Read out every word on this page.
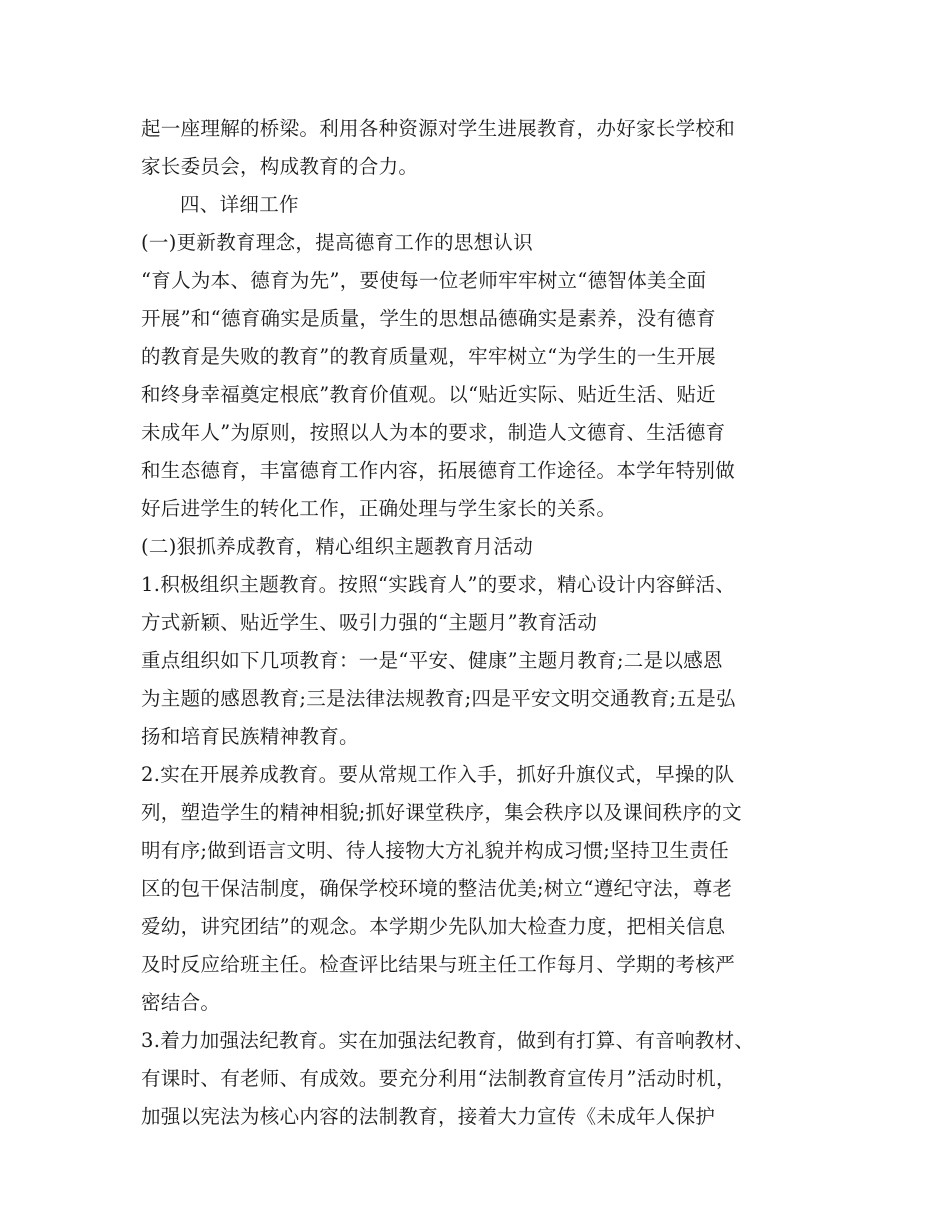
起一座理解的桥梁。利用各种资源对学生进展教育，办好家长学校和
家长委员会，构成教育的合力。
四、详细工作
(一)更新教育理念，提高德育工作的思想认识
“育人为本、德育为先”，要使每一位老师牢牢树立“德智体美全面
开展”和“德育确实是质量，学生的思想品德确实是素养，没有德育
的教育是失败的教育”的教育质量观，牢牢树立“为学生的一生开展
和终身幸福奠定根底”教育价值观。以“贴近实际、贴近生活、贴近
未成年人”为原则，按照以人为本的要求，制造人文德育、生活德育
和生态德育，丰富德育工作内容，拓展德育工作途径。本学年特别做
好后进学生的转化工作，正确处理与学生家长的关系。
(二)狠抓养成教育，精心组织主题教育月活动
1.积极组织主题教育。按照“实践育人”的要求，精心设计内容鲜活、
方式新颖、贴近学生、吸引力强的“主题月”教育活动
重点组织如下几项教育：一是“平安、健康”主题月教育;二是以感恩
为主题的感恩教育;三是法律法规教育;四是平安文明交通教育;五是弘
扬和培育民族精神教育。
2.实在开展养成教育。要从常规工作入手，抓好升旗仪式，早操的队
列，塑造学生的精神相貌;抓好课堂秩序，集会秩序以及课间秩序的文
明有序;做到语言文明、待人接物大方礼貌并构成习惯;坚持卫生责任
区的包干保洁制度，确保学校环境的整洁优美;树立“遵纪守法，尊老
爱幼，讲究团结”的观念。本学期少先队加大检查力度，把相关信息
及时反应给班主任。检查评比结果与班主任工作每月、学期的考核严
密结合。
3.着力加强法纪教育。实在加强法纪教育，做到有打算、有音响教材、
有课时、有老师、有成效。要充分利用“法制教育宣传月”活动时机，
加强以宪法为核心内容的法制教育，接着大力宣传《未成年人保护
